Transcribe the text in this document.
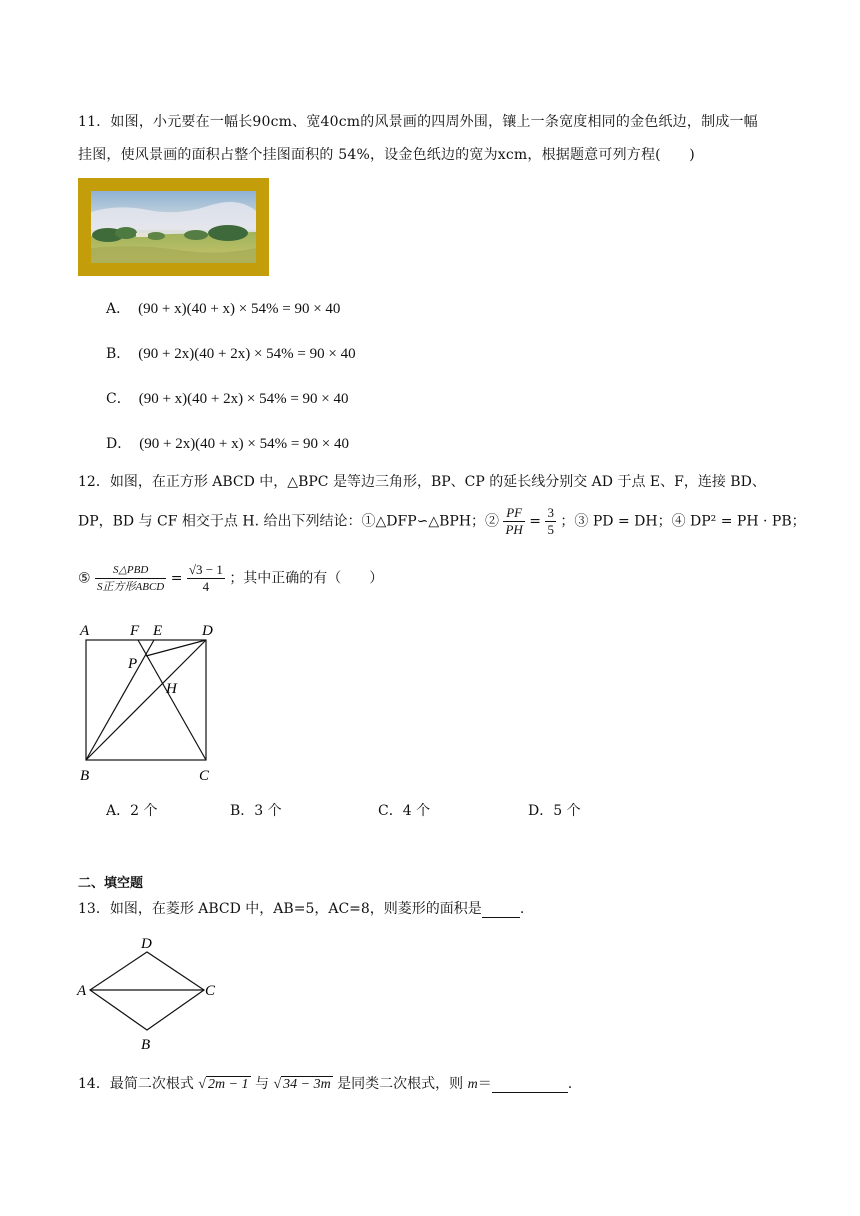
11．如图，小元要在一幅长90cm、宽40cm的风景画的四周外围，镶上一条宽度相同的金色纸边，制成一幅
挂图，使风景画的面积占整个挂图面积的 54%，设金色纸边的宽为xcm，根据题意可列方程(　　)
A． (90 + x)(40 + x) × 54% = 90 × 40
B． (90 + 2x)(40 + 2x) × 54% = 90 × 40
C． (90 + x)(40 + 2x) × 54% = 90 × 40
D． (90 + 2x)(40 + x) × 54% = 90 × 40
12．如图，在正方形 ABCD 中，△BPC 是等边三角形，BP、CP 的延长线分别交 AD 于点 E、F，连接 BD、
DP，BD 与 CF 相交于点 H. 给出下列结论：①△DFP∽△BPH；② $\frac{PF}{PH} = \frac{3}{5}$ ；③ PD = DH；④ DP² = PH · PB；
⑤ $\frac{\text{S△PBD}}{\text{S正方形ABCD}} = \frac{√3 - 1}{4}$ ；其中正确的有（　　）
A	F E	D
P
H
B	C
A．2 个	B．3 个	C．4 个	D．5 个
二、填空题
13．如图，在菱形 ABCD 中，AB=5，AC=8，则菱形的面积是	.
D
A	C
B
14．最简二次根式 √ 2m − 1 与 √ 34 − 3m 是同类二次根式，则 m＝	.
